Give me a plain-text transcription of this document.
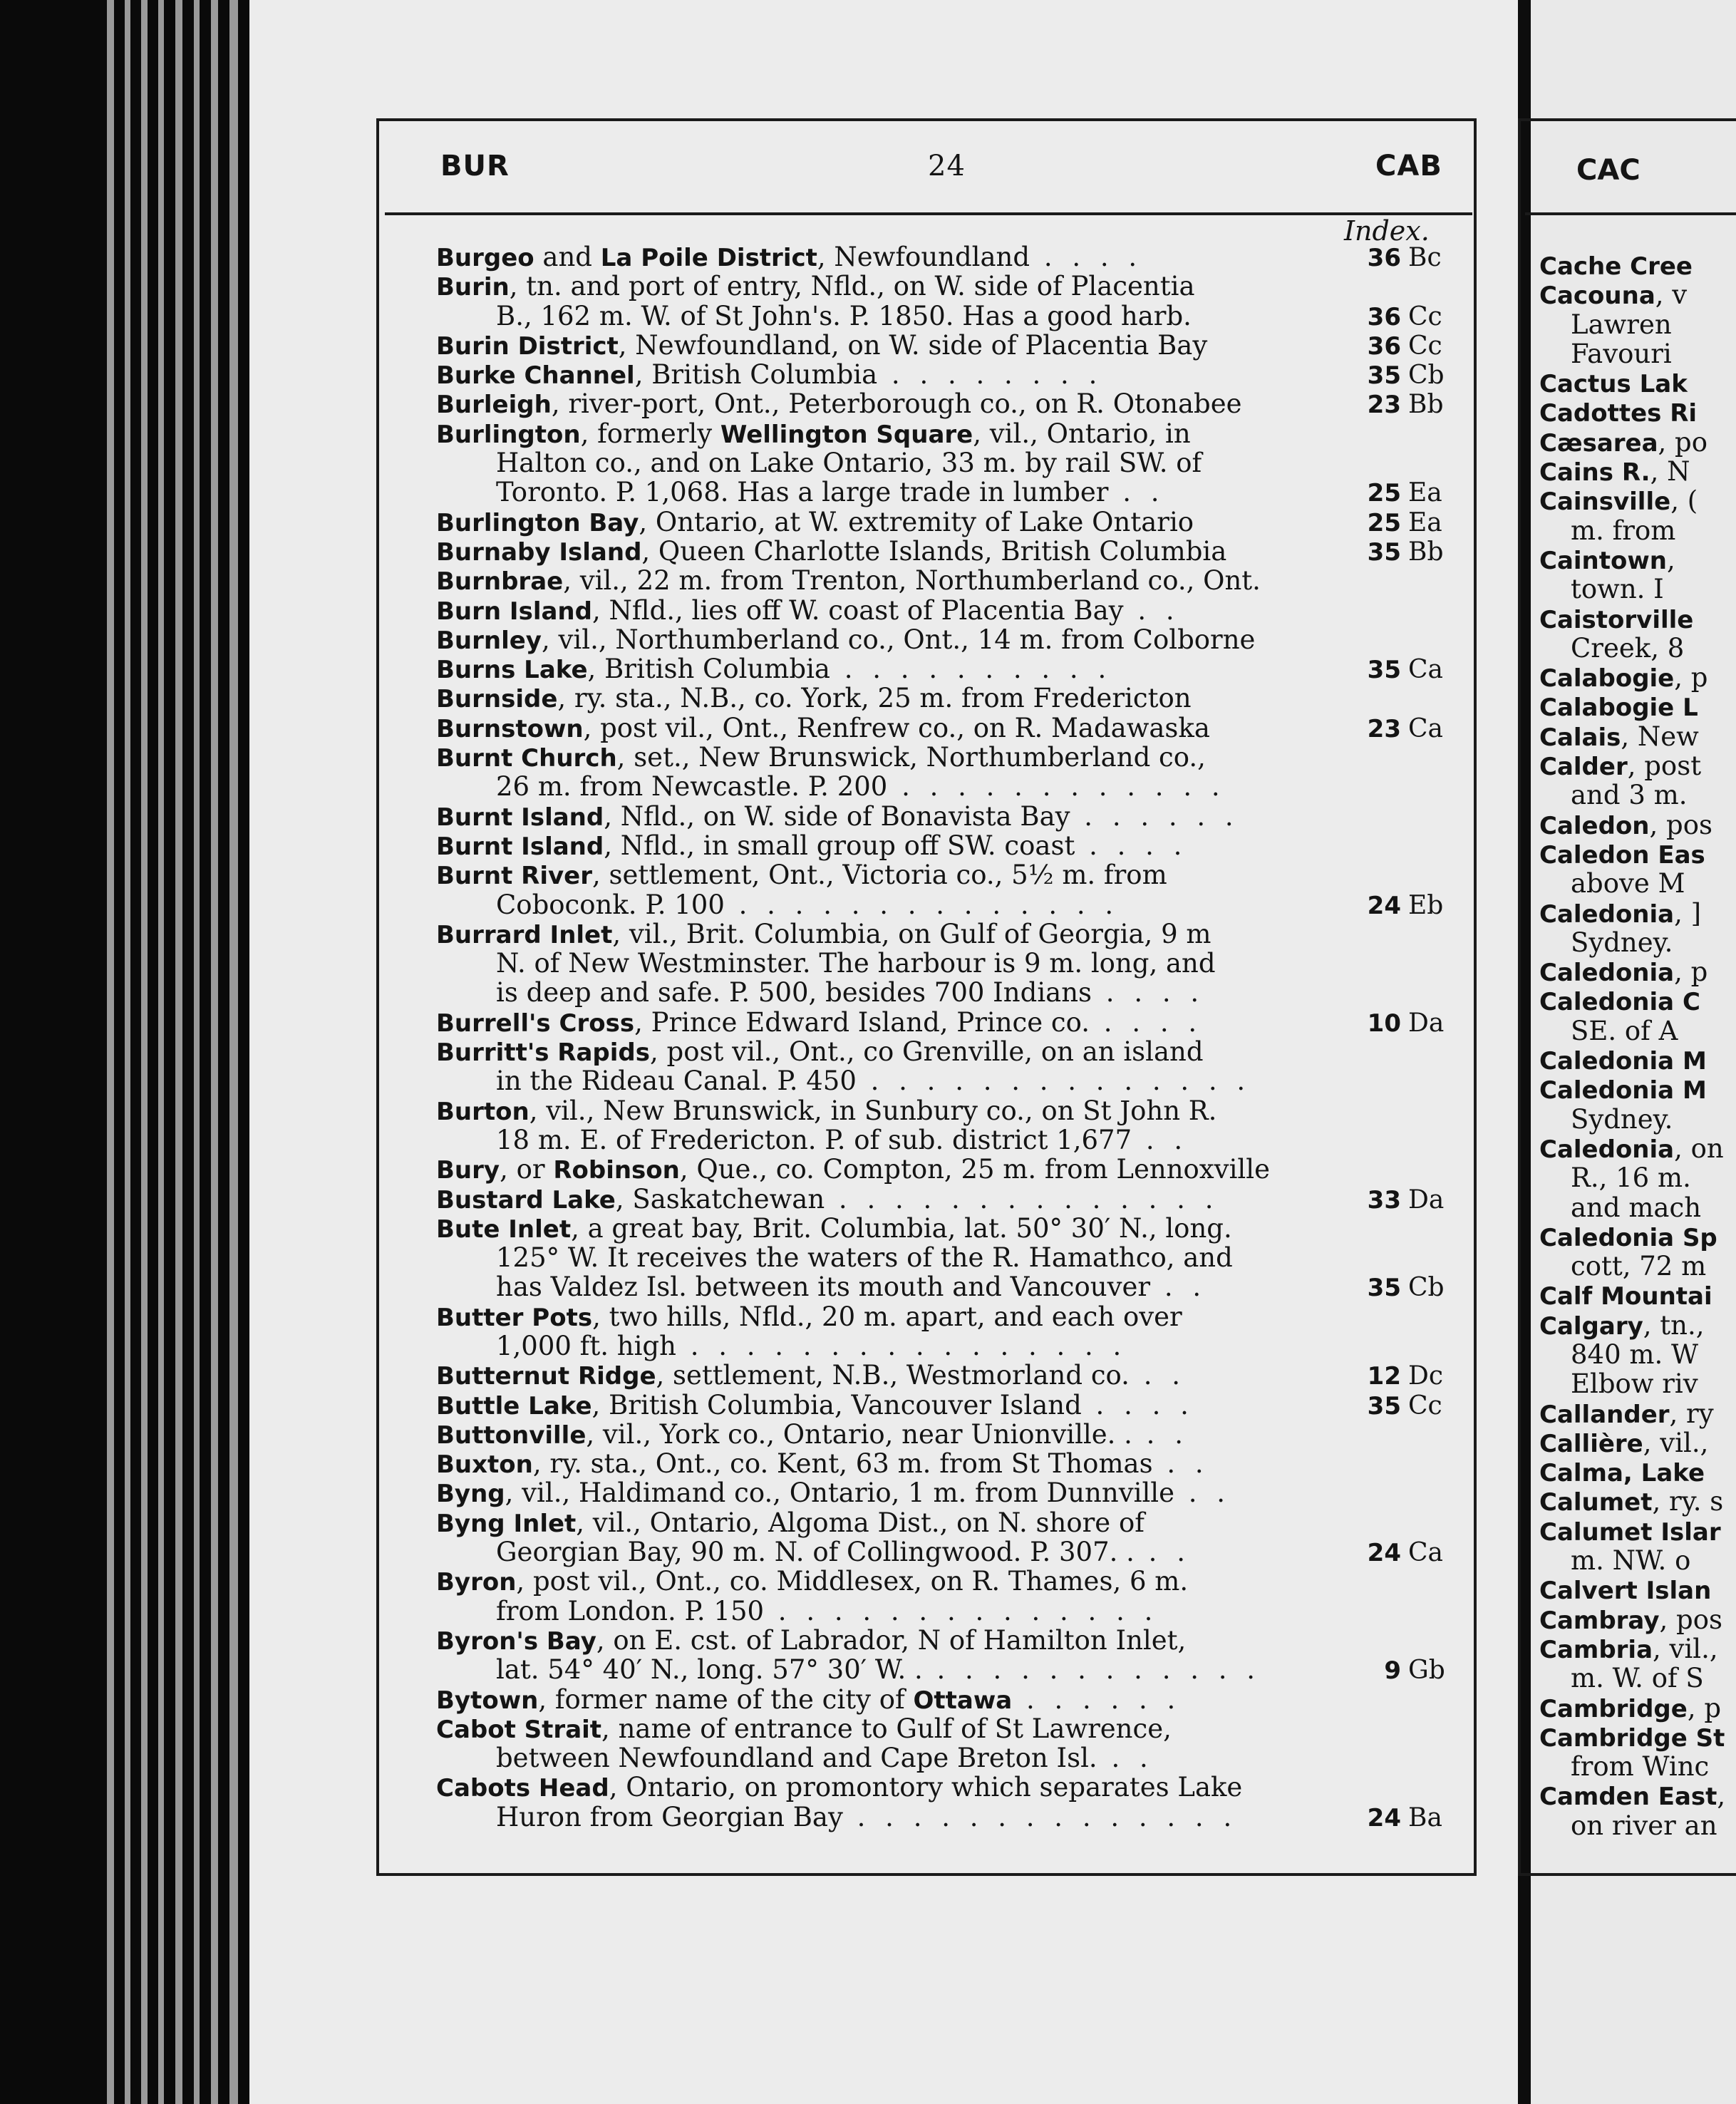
BUR	24	CAB
Index.
Burgeo and La Poile District, Newfoundland . . . .	36 Bc
Burin, tn. and port of entry, Nfld., on W. side of Placentia
B., 162 m. W. of St John's. P. 1850. Has a good harb.	36 Cc
Burin District, Newfoundland, on W. side of Placentia Bay	36 Cc
Burke Channel, British Columbia . . . . . . . .	35 Cb
Burleigh, river-port, Ont., Peterborough co., on R. Otonabee	23 Bb
Burlington, formerly Wellington Square, vil., Ontario, in
Halton co., and on Lake Ontario, 33 m. by rail SW. of
Toronto. P. 1,068. Has a large trade in lumber . .	25 Ea
Burlington Bay, Ontario, at W. extremity of Lake Ontario	25 Ea
Burnaby Island, Queen Charlotte Islands, British Columbia	35 Bb
Burnbrae, vil., 22 m. from Trenton, Northumberland co., Ont.
Burn Island, Nfld., lies off W. coast of Placentia Bay . .
Burnley, vil., Northumberland co., Ont., 14 m. from Colborne
Burns Lake, British Columbia . . . . . . . . . .	35 Ca
Burnside, ry. sta., N.B., co. York, 25 m. from Fredericton
Burnstown, post vil., Ont., Renfrew co., on R. Madawaska	23 Ca
Burnt Church, set., New Brunswick, Northumberland co.,
26 m. from Newcastle. P. 200 . . . . . . . . . . . .
Burnt Island, Nfld., on W. side of Bonavista Bay . . . . . .
Burnt Island, Nfld., in small group off SW. coast . . . .
Burnt River, settlement, Ont., Victoria co., 5½ m. from
Coboconk. P. 100 . . . . . . . . . . . . . .	24 Eb
Burrard Inlet, vil., Brit. Columbia, on Gulf of Georgia, 9 m
N. of New Westminster. The harbour is 9 m. long, and
is deep and safe. P. 500, besides 700 Indians . . . .
Burrell's Cross, Prince Edward Island, Prince co. . . . .	10 Da
Burritt's Rapids, post vil., Ont., co Grenville, on an island
in the Rideau Canal. P. 450 . . . . . . . . . . . . . .
Burton, vil., New Brunswick, in Sunbury co., on St John R.
18 m. E. of Fredericton. P. of sub. district 1,677 . .
Bury, or Robinson, Que., co. Compton, 25 m. from Lennoxville
Bustard Lake, Saskatchewan . . . . . . . . . . . . . .	33 Da
Bute Inlet, a great bay, Brit. Columbia, lat. 50° 30′ N., long.
125° W. It receives the waters of the R. Hamathco, and
has Valdez Isl. between its mouth and Vancouver . .	35 Cb
Butter Pots, two hills, Nfld., 20 m. apart, and each over
1,000 ft. high . . . . . . . . . . . . . . . .
Butternut Ridge, settlement, N.B., Westmorland co. . .	12 Dc
Buttle Lake, British Columbia, Vancouver Island . . . .	35 Cc
Buttonville, vil., York co., Ontario, near Unionville. . . .
Buxton, ry. sta., Ont., co. Kent, 63 m. from St Thomas . .
Byng, vil., Haldimand co., Ontario, 1 m. from Dunnville . .
Byng Inlet, vil., Ontario, Algoma Dist., on N. shore of
Georgian Bay, 90 m. N. of Collingwood. P. 307. . . .	24 Ca
Byron, post vil., Ont., co. Middlesex, on R. Thames, 6 m.
from London. P. 150 . . . . . . . . . . . . . .
Byron's Bay, on E. cst. of Labrador, N of Hamilton Inlet,
lat. 54° 40′ N., long. 57° 30′ W. . . . . . . . . . . . . .	9 Gb
Bytown, former name of the city of Ottawa . . . . . .
Cabot Strait, name of entrance to Gulf of St Lawrence,
between Newfoundland and Cape Breton Isl. . .
Cabots Head, Ontario, on promontory which separates Lake
Huron from Georgian Bay . . . . . . . . . . . . . .	24 Ba
CAC
Cache Cree
Cacouna, v
Lawren
Favouri
Cactus Lak
Cadottes Ri
Cæsarea, po
Cains R., N
Cainsville, (
m. from
Caintown,
town. I
Caistorville
Creek, 8
Calabogie, p
Calabogie L
Calais, New
Calder, post
and 3 m.
Caledon, pos
Caledon Eas
above M
Caledonia, ]
Sydney.
Caledonia, p
Caledonia C
SE. of A
Caledonia M
Caledonia M
Sydney.
Caledonia, on
R., 16 m.
and mach
Caledonia Sp
cott, 72 m
Calf Mountai
Calgary, tn.,
840 m. W
Elbow riv
Callander, ry
Callière, vil.,
Calma, Lake
Calumet, ry. s
Calumet Islar
m. NW. o
Calvert Islan
Cambray, pos
Cambria, vil.,
m. W. of S
Cambridge, p
Cambridge St
from Winc
Camden East,
on river an
